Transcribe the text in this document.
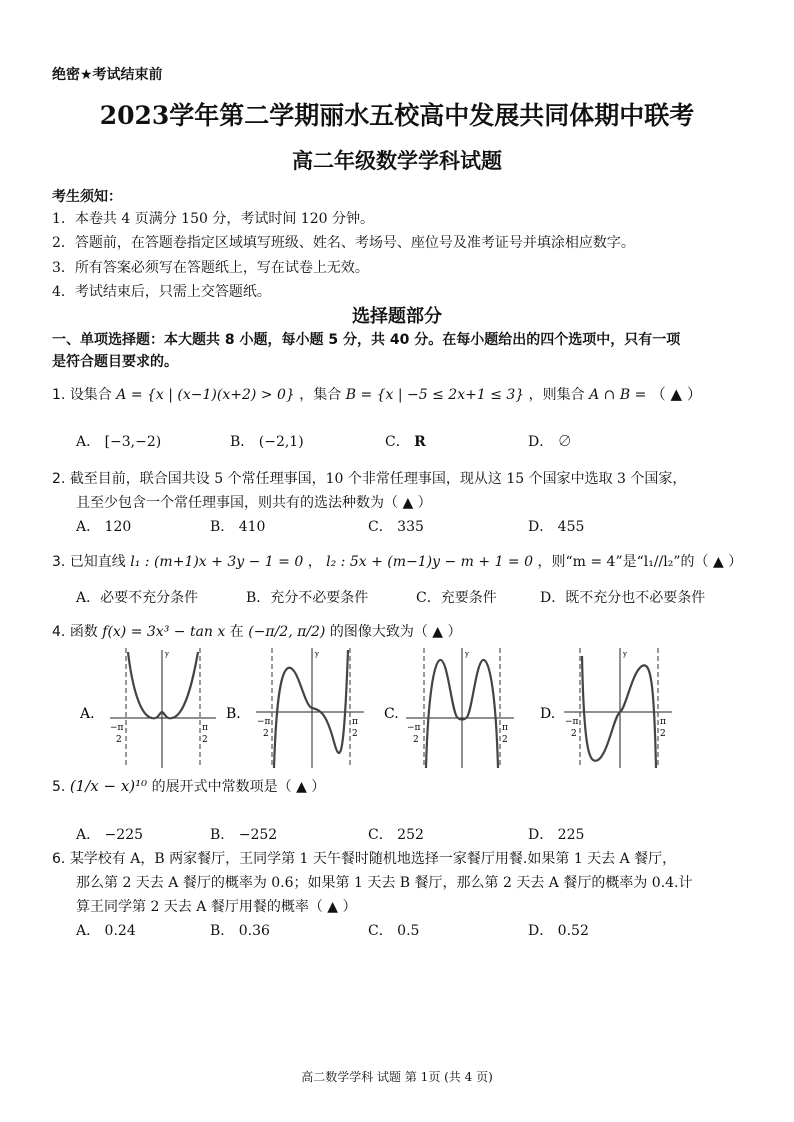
绝密★考试结束前
2023学年第二学期丽水五校高中发展共同体期中联考
高二年级数学学科试题
考生须知：
1．本卷共 4 页满分 150 分，考试时间 120 分钟。
2．答题前，在答题卷指定区域填写班级、姓名、考场号、座位号及准考证号并填涂相应数字。
3．所有答案必须写在答题纸上，写在试卷上无效。
4．考试结束后，只需上交答题纸。
选择题部分
一、单项选择题：本大题共 8 小题，每小题 5 分，共 40 分。在每小题给出的四个选项中，只有一项
是符合题目要求的。
1. 设集合 A = {x | (x−1)(x+2) > 0} ，集合 B = {x | −5 ≤ 2x+1 ≤ 3} ，则集合 A ∩ B = （ ▲ ）
A． [−3,−2)	B． (−2,1)	C． R	D． ∅
2. 截至目前，联合国共设 5 个常任理事国，10 个非常任理事国，现从这 15 个国家中选取 3 个国家，
且至少包含一个常任理事国，则共有的选法种数为（ ▲ ）
A． 120	B． 410	C． 335	D． 455
3. 已知直线 l₁ : (m+1)x + 3y − 1 = 0 ， l₂ : 5x + (m−1)y − m + 1 = 0 ，则“m = 4”是“l₁//l₂”的（ ▲ ）
A．必要不充分条件	B．充分不必要条件	C．充要条件	D．既不充分也不必要条件
4. 函数 f(x) = 3x³ − tan x 在 (−π/2, π/2) 的图像大致为（ ▲ ）
A.
y
−π
2
π
2
B.
y
−π
2
π
2
C.
y
−π
2
π
2
D.
y
−π
2
π
2
5. (1/x − x)¹⁰ 的展开式中常数项是（ ▲ ）
A． −225	B． −252	C． 252	D． 225
6. 某学校有 A，B 两家餐厅，王同学第 1 天午餐时随机地选择一家餐厅用餐.如果第 1 天去 A 餐厅，
那么第 2 天去 A 餐厅的概率为 0.6；如果第 1 天去 B 餐厅，那么第 2 天去 A 餐厅的概率为 0.4.计
算王同学第 2 天去 A 餐厅用餐的概率（ ▲ ）
A． 0.24	B． 0.36	C． 0.5	D． 0.52
高二数学学科 试题 第 1页 (共 4 页)
